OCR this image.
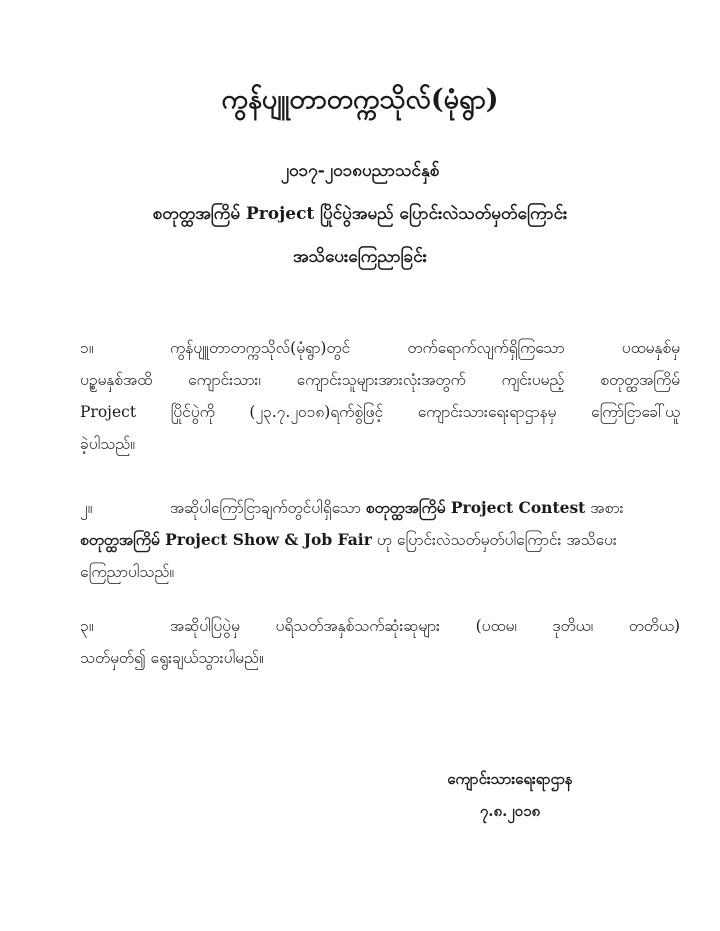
ကွန်ပျူတာတက္ကသိုလ်(မုံရွာ)
၂၀၁၇-၂၀၁၈ပညာသင်နှစ်
စတုတ္ထအကြိမ် Project ပြိုင်ပွဲအမည် ပြောင်းလဲသတ်မှတ်ကြောင်း
အသိပေးကြေညာခြင်း
၁။	ကွန်ပျူတာတက္ကသိုလ်(မုံရွာ)တွင် တက်ရောက်လျက်ရှိကြသော ပထမနှစ်မှ
ပဉ္စမနှစ်အထိ ကျောင်းသား၊ ကျောင်းသူများအားလုံးအတွက် ကျင်းပမည့် စတုတ္ထအကြိမ်
Project ပြိုင်ပွဲကို (၂၃.၇.၂၀၁၈)ရက်စွဲဖြင့် ကျောင်းသားရေးရာဌာနမှ ကြော်ငြာခေါ်ယူ
ခဲ့ပါသည်။
၂။	အဆိုပါကြော်ငြာချက်တွင်ပါရှိသော စတုတ္ထအကြိမ် Project Contest အစား
စတုတ္ထအကြိမ် Project Show & Job Fair ဟု ပြောင်းလဲသတ်မှတ်ပါကြောင်း အသိပေး
ကြေညာပါသည်။
၃။	အဆိုပါပြပွဲမှ ပရိသတ်အနှစ်သက်ဆုံးဆုများ (ပထမ၊ ဒုတိယ၊ တတိယ)
သတ်မှတ်၍ ရွေးချယ်သွားပါမည်။
ကျောင်းသားရေးရာဌာန
၇.၈.၂၀၁၈
